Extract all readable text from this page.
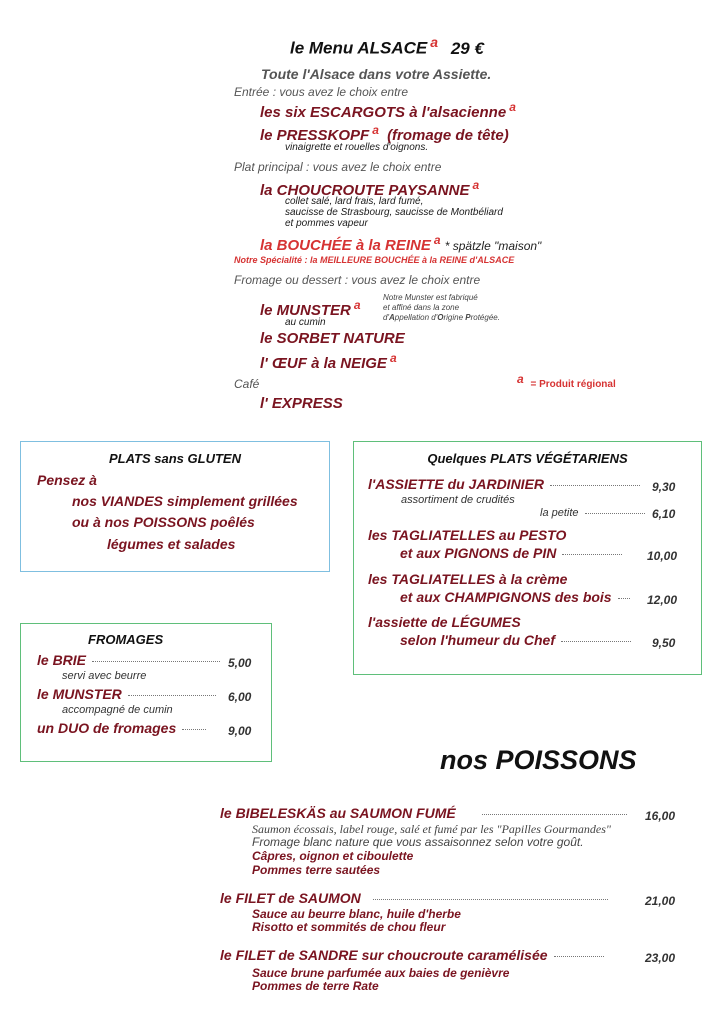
le Menu ALSACE $^a$ 29 €
Toute l'Alsace dans votre Assiette.
Entrée : vous avez le choix entre
les six ESCARGOTS à l'alsacienne $^a$
le PRESSKOPF $^a$ (fromage de tête)
vinaigrette et rouelles d'oignons.
Plat principal : vous avez le choix entre
la CHOUCROUTE PAYSANNE $^a$
collet salé, lard frais, lard fumé,
saucisse de Strasbourg, saucisse de Montbéliard
et pommes vapeur
la BOUCHÉE à la REINE $^a$ * spätzle "maison"
Notre Spécialité : la MEILLEURE BOUCHÉE à la REINE d'ALSACE
Fromage ou dessert : vous avez le choix entre
le MUNSTER $^a$
au cumin
Notre Munster est fabriqué
et affiné dans la zone
d'Appellation d'Origine Protégée.
le SORBET NATURE
l' ŒUF à la NEIGE $^a$
Café
l' EXPRESS
a = Produit régional
PLATS sans GLUTEN
Pensez à
nos VIANDES simplement grillées
ou à nos POISSONS poêlés
légumes et salades
Quelques PLATS VÉGÉTARIENS
l'ASSIETTE du JARDINIER	9,30
assortiment de crudités
la petite	6,10
les TAGLIATELLES au PESTO
et aux PIGNONS de PIN	10,00
les TAGLIATELLES à la crème
et aux CHAMPIGNONS des bois	12,00
l'assiette de LÉGUMES
selon l'humeur du Chef	9,50
FROMAGES
le BRIE	5,00
servi avec beurre
le MUNSTER	6,00
accompagné de cumin
un DUO de fromages	9,00
nos POISSONS
le BIBELESKÄS au SAUMON FUMÉ	16,00
Saumon écossais, label rouge, salé et fumé par les "Papilles Gourmandes"
Fromage blanc nature que vous assaisonnez selon votre goût.
Câpres, oignon et ciboulette
Pommes terre sautées
le FILET de SAUMON	21,00
Sauce au beurre blanc, huile d'herbe
Risotto et sommités de chou fleur
le FILET de SANDRE sur choucroute caramélisée	23,00
Sauce brune parfumée aux baies de genièvre
Pommes de terre Rate
